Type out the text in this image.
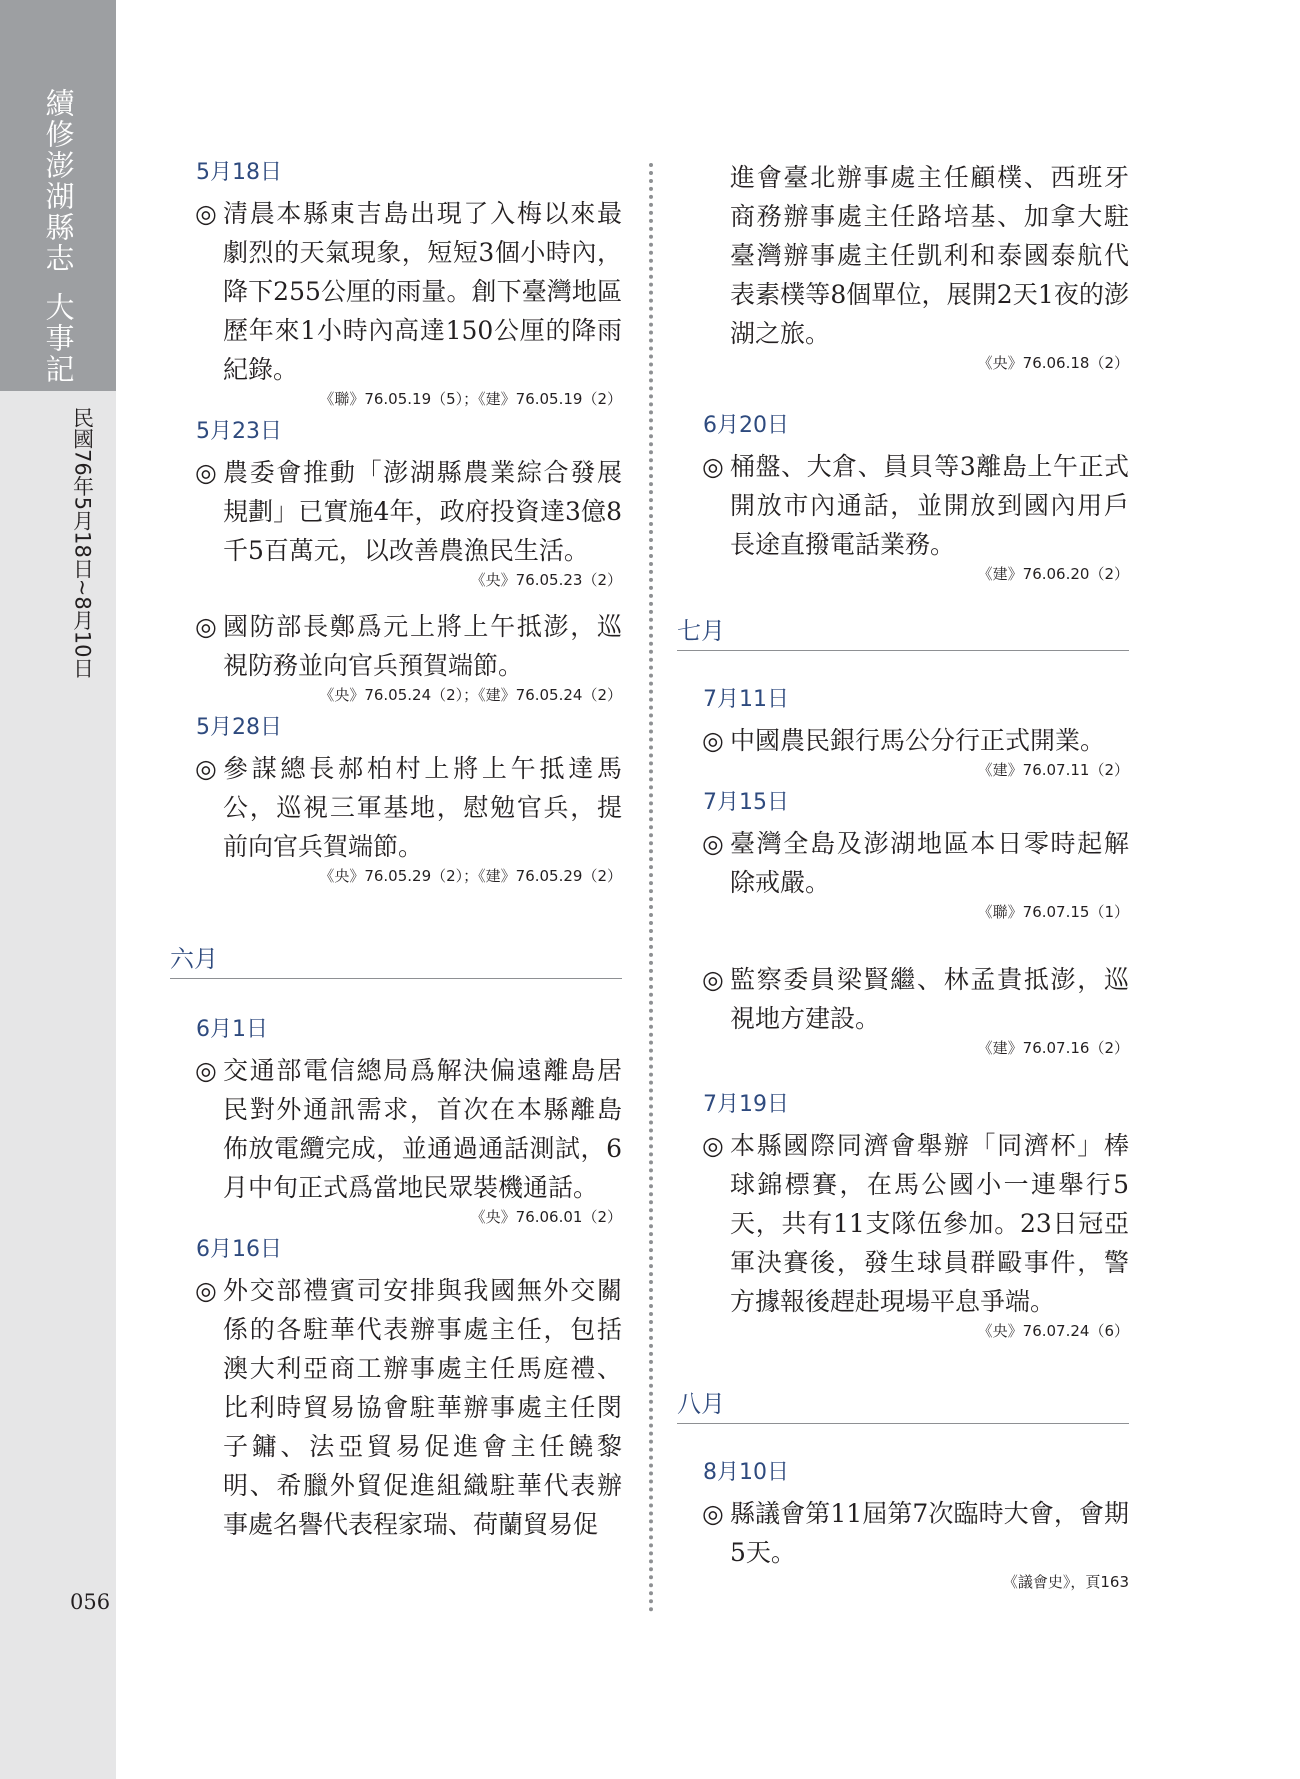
續修澎湖縣志大事記
民國76年5月18日~8月10日
056
5月18日
◎ 清晨本縣東吉島出現了入梅以來最劇烈的天氣現象，短短3個小時內，降下255公厘的雨量。創下臺灣地區歷年來1小時內高達150公厘的降雨紀錄。
《聯》76.05.19（5）；《建》76.05.19（2）
5月23日
◎ 農委會推動「澎湖縣農業綜合發展規劃」已實施4年，政府投資達3億8千5百萬元，以改善農漁民生活。
《央》76.05.23（2）
◎ 國防部長鄭爲元上將上午抵澎，巡視防務並向官兵預賀端節。
《央》76.05.24（2）；《建》76.05.24（2）
5月28日
◎ 參謀總長郝柏村上將上午抵達馬公，巡視三軍基地，慰勉官兵，提前向官兵賀端節。
《央》76.05.29（2）；《建》76.05.29（2）
六月
6月1日
◎ 交通部電信總局爲解決偏遠離島居民對外通訊需求，首次在本縣離島佈放電纜完成，並通過通話測試，6月中旬正式爲當地民眾裝機通話。
《央》76.06.01（2）
6月16日
◎ 外交部禮賓司安排與我國無外交關係的各駐華代表辦事處主任，包括澳大利亞商工辦事處主任馬庭禮、比利時貿易協會駐華辦事處主任閔子鏞、法亞貿易促進會主任饒黎明、希臘外貿促進組織駐華代表辦事處名譽代表程家瑞、荷蘭貿易促
進會臺北辦事處主任顧樸、西班牙商務辦事處主任路培基、加拿大駐臺灣辦事處主任凱利和泰國泰航代表素樸等8個單位，展開2天1夜的澎湖之旅。
《央》76.06.18（2）
6月20日
◎ 桶盤、大倉、員貝等3離島上午正式開放市內通話，並開放到國內用戶長途直撥電話業務。
《建》76.06.20（2）
七月
7月11日
◎ 中國農民銀行馬公分行正式開業。
《建》76.07.11（2）
7月15日
◎ 臺灣全島及澎湖地區本日零時起解除戒嚴。
《聯》76.07.15（1）
◎ 監察委員梁賢繼、林孟貴抵澎，巡視地方建設。
《建》76.07.16（2）
7月19日
◎ 本縣國際同濟會舉辦「同濟杯」棒球錦標賽，在馬公國小一連舉行5天，共有11支隊伍參加。23日冠亞軍決賽後，發生球員群毆事件，警方據報後趕赴現場平息爭端。
《央》76.07.24（6）
八月
8月10日
◎ 縣議會第11屆第7次臨時大會，會期5天。
《議會史》，頁163
